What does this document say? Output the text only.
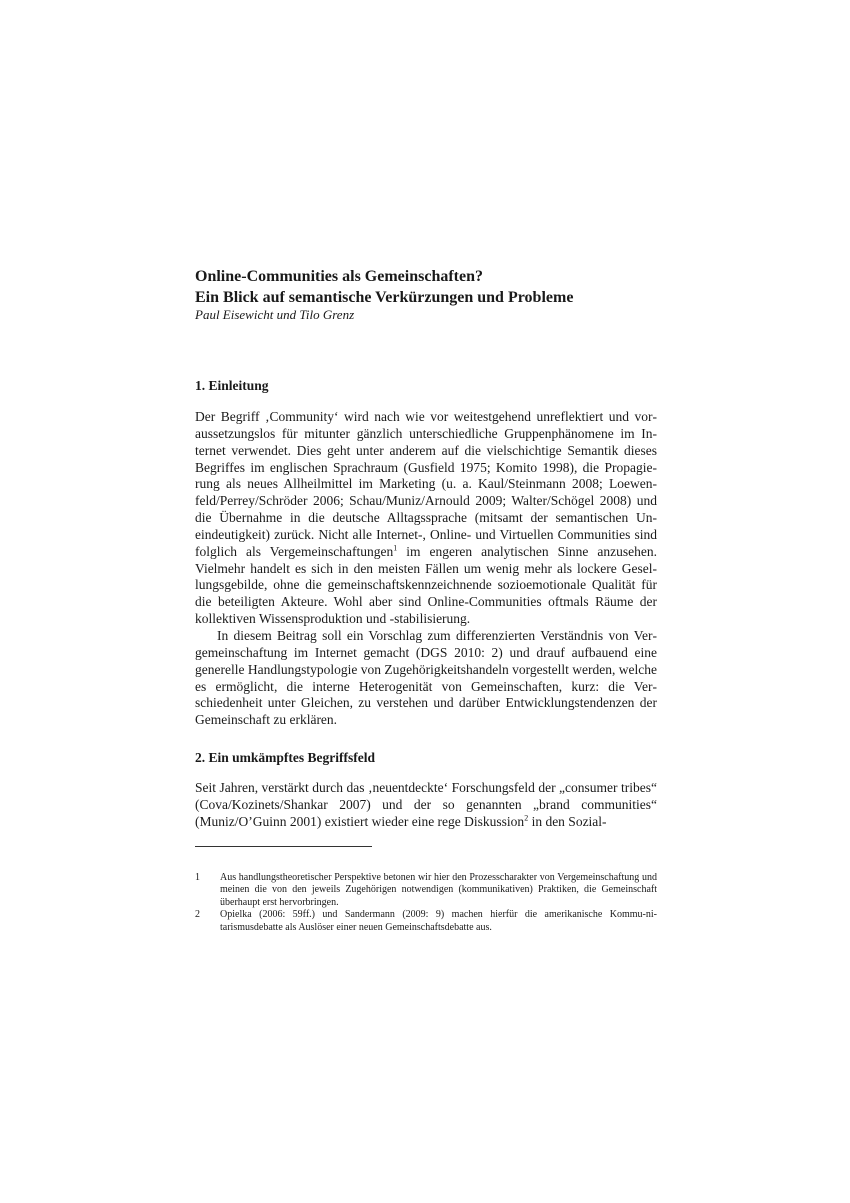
Online-Communities als Gemeinschaften?
Ein Blick auf semantische Verkürzungen und Probleme
Paul Eisewicht und Tilo Grenz
1. Einleitung

Der Begriff ‚Community‘ wird nach wie vor weitestgehend unreflektiert und voraussetzungslos für mitunter gänzlich unterschiedliche Gruppenphänomene im Internet verwendet. Dies geht unter anderem auf die vielschichtige Semantik dieses Begriffes im englischen Sprachraum (Gusfield 1975; Komito 1998), die Propagierung als neues Allheilmittel im Marketing (u. a. Kaul/Steinmann 2008; Loewenfeld/Perrey/Schröder 2006; Schau/Muniz/Arnould 2009; Walter/Schögel 2008) und die Übernahme in die deutsche Alltagssprache (mitsamt der semantischen Uneindeutigkeit) zurück. Nicht alle Internet-, Online- und Virtuellen Communities sind folglich als Vergemeinschaftungen$^1$ im engeren analytischen Sinne anzusehen. Vielmehr handelt es sich in den meisten Fällen um wenig mehr als lockere Gesellungsgebilde, ohne die gemeinschaftskennzeichnende sozioemotionale Qualität für die beteiligten Akteure. Wohl aber sind Online-Communities oftmals Räume der kollektiven Wissensproduktion und -stabilisierung.

In diesem Beitrag soll ein Vorschlag zum differenzierten Verständnis von Vergemeinschaftung im Internet gemacht (DGS 2010: 2) und drauf aufbauend eine generelle Handlungstypologie von Zugehörigkeitshandeln vorgestellt werden, welche es ermöglicht, die interne Heterogenität von Gemeinschaften, kurz: die Verschiedenheit unter Gleichen, zu verstehen und darüber Entwicklungstendenzen der Gemeinschaft zu erklären.

2. Ein umkämpftes Begriffsfeld

Seit Jahren, verstärkt durch das ‚neuentdeckte‘ Forschungsfeld der „consumer tribes“ (Cova/Kozinets/Shankar 2007) und der so genannten „brand communities“ (Muniz/O’Guinn 2001) existiert wieder eine rege Diskussion$^2$ in den Sozial-

1	Aus handlungstheoretischer Perspektive betonen wir hier den Prozesscharakter von Vergemeinschaftung und meinen die von den jeweils Zugehörigen notwendigen (kommunikativen) Praktiken, die Gemeinschaft überhaupt erst hervorbringen.
2	Opielka (2006: 59ff.) und Sandermann (2009: 9) machen hierfür die amerikanische Kommu-nitarismusdebatte als Auslöser einer neuen Gemeinschaftsdebatte aus.
